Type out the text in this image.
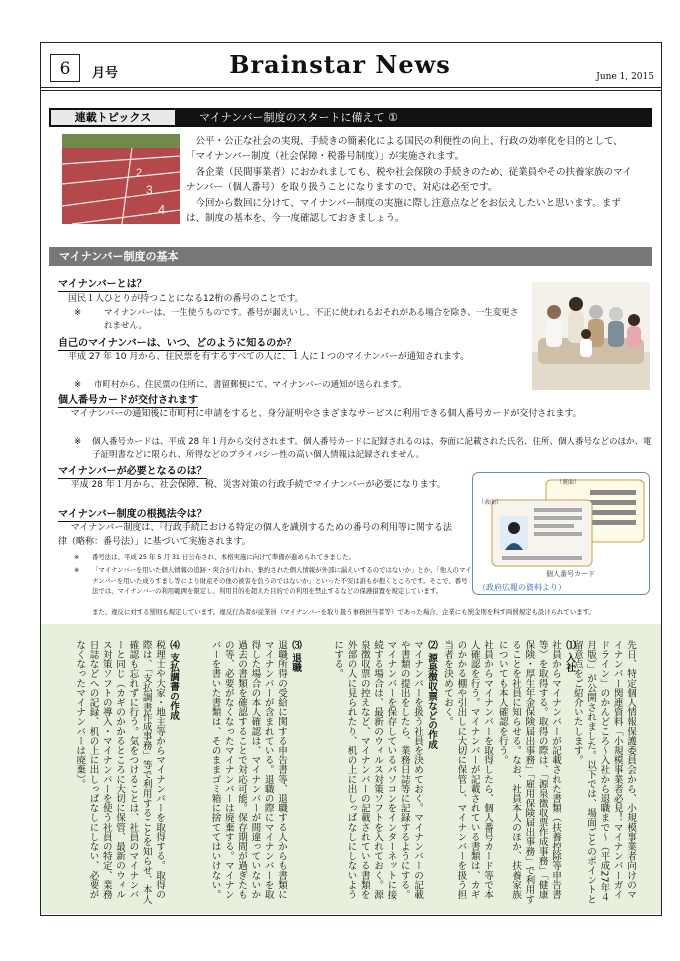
6	月号	Brainstar News	June 1, 2015
連載トピックス	マイナンバー制度のスタートに備えて ①
2
3
4

公平・公正な社会の実現、手続きの簡素化による国民の利便性の向上、行政の効率化を目的として、「マイナンバー制度（社会保障・税番号制度）」が実施されます。

各企業（民間事業者）におかれましても、税や社会保険の手続きのため、従業員やその扶養家族のマイナンバー（個人番号）を取り扱うことになりますので、対応は必至です。

今回から数回に分けて、マイナンバー制度の実施に際し注意点などをお伝えしたいと思います。まずは、制度の基本を、今一度確認しておきましょう。

マイナンバー制度の基本
マイナンバーとは？
国民１人ひとりが持つことになる12桁の番号のことです。
※	マイナンバーは、一生使うものです。番号が漏えいし、不正に使われるおそれがある場合を除き、一生変更されません。
自己のマイナンバーは、いつ、どのように知るのか？
平成 27 年 10 月から、住民票を有するすべての人に、１人に１つのマイナンバーが通知されます。
※ 市町村から、住民票の住所に、書留郵便にて、マイナンバーの通知が送られます。
個人番号カードが交付されます
マイナンバーの通知後に市町村に申請をすると、身分証明やさまざまなサービスに利用できる個人番号カードが交付されます。
※ 個人番号カードは、平成 28 年１月から交付されます。個人番号カードに記録されるのは、券面に記載された氏名、住所、個人番号などのほか、電子証明書などに限られ、所得などのプライバシー性の高い個人情報は記録されません。
マイナンバーが必要となるのは？
平成 28 年１月から、社会保障、税、災害対策の行政手続でマイナンバーが必要になります。
マイナンバー制度の根拠法令は？
マイナンバー制度は、「行政手続における特定の個人を識別するための番号の利用等に関する法律（略称：番号法）」に基づいて実施されます。
※ 番号法は、平成 25 年 5 月 31 日公布され、本格実施に向けて準備が進められてきました。
※ 「マイナンバーを用いた個人情報の追跡・突合が行われ、集約された個人情報が外部に漏えいするのではないか」とか、「他人のマイナンバーを用いた成りすまし等により財産その他の被害を負うのではないか」といった不安は誰もが抱くところです。そこで、番号法では、マイナンバーの利用範囲を限定し、利用目的を超えた目的での利用を禁止するなどの保護措置を規定しています。
また、違反に対する罰則も規定しています。違反行為者が従業員（マイナンバーを取り扱う事務担当者等）であった場合、企業にも罰金刑を科す両罰規定も設けられています。
（裏面）
（表面）
個人番号カード
（政府広報の資料より）
先日、特定個人情報保護委員会から、小規模事業者向けのマイナンバー関連資料「小規模事業者必見！マイナンバーガイドライン」のかんどころ〜入社から退職まで〜（平成27年４月版）」が公開されました。以下では、場面ごとのポイントと留意点をご紹介いたします。
⑴ 入社
社員からマイナンバーが記載された書類（扶養控除等申告書等）を取得する。取得の際は、「源泉徴収票作成事務」「健康保険・厚生年金保険届出事務」「雇用保険届出事務」で利用することを社員に知らせる。なお、社員本人のほか、扶養家族についても本人確認を行う。
社員からマイナンバーを取得したら、個人番号カード等で本人確認を行う。マイナンバーが記載されている書類は、カギのかかる棚や引出しに大切に保管し、マイナンバーを扱う担当者を決めておく。
⑵ 源泉徴収票などの作成
マイナンバーを扱う社員を決めておく。マイナンバーの記載や書類の提出をしたら、業務日誌等に記録するようにする。マイナンバーを保存しているパソコンをインターネットに接続する場合は、最新のウィルス対策ソフトを入れておく。源泉徴収票の控えなど、マイナンバーの記載されている書類を外部の人に見られたり、机の上に出しっぱなしにしないようにする。
⑶ 退職
退職所得の受給に関する申告書等、退職する人からも書類にマイナンバーが含まれている。退職の際にマイナンバーを取得した場合の本人確認は、マイナンバーが間違っていないか過去の書類を確認することで対応可能。保存期間が過ぎたもの等、必要がなくなったマイナンバーは廃棄する。マイナンバーを書いた書類は、そのままゴミ箱に捨ててはいけない。
⑷ 支払調書の作成
税理士や大家・地主等からマイナンバーを取得する。取得の際は、「支払調書作成事務」等で利用することを知らせ、本人確認も忘れずに行う。気をつけることは、社員のマイナンバーと同じ（カギのかかるところに大切に保管、最新のウィルス対策ソフトの導入・マイナンバーを使う社員の特定、業務日誌などへの記録、机の上に出しっぱなしにしない、必要がなくなったマイナンバーは廃棄）。
